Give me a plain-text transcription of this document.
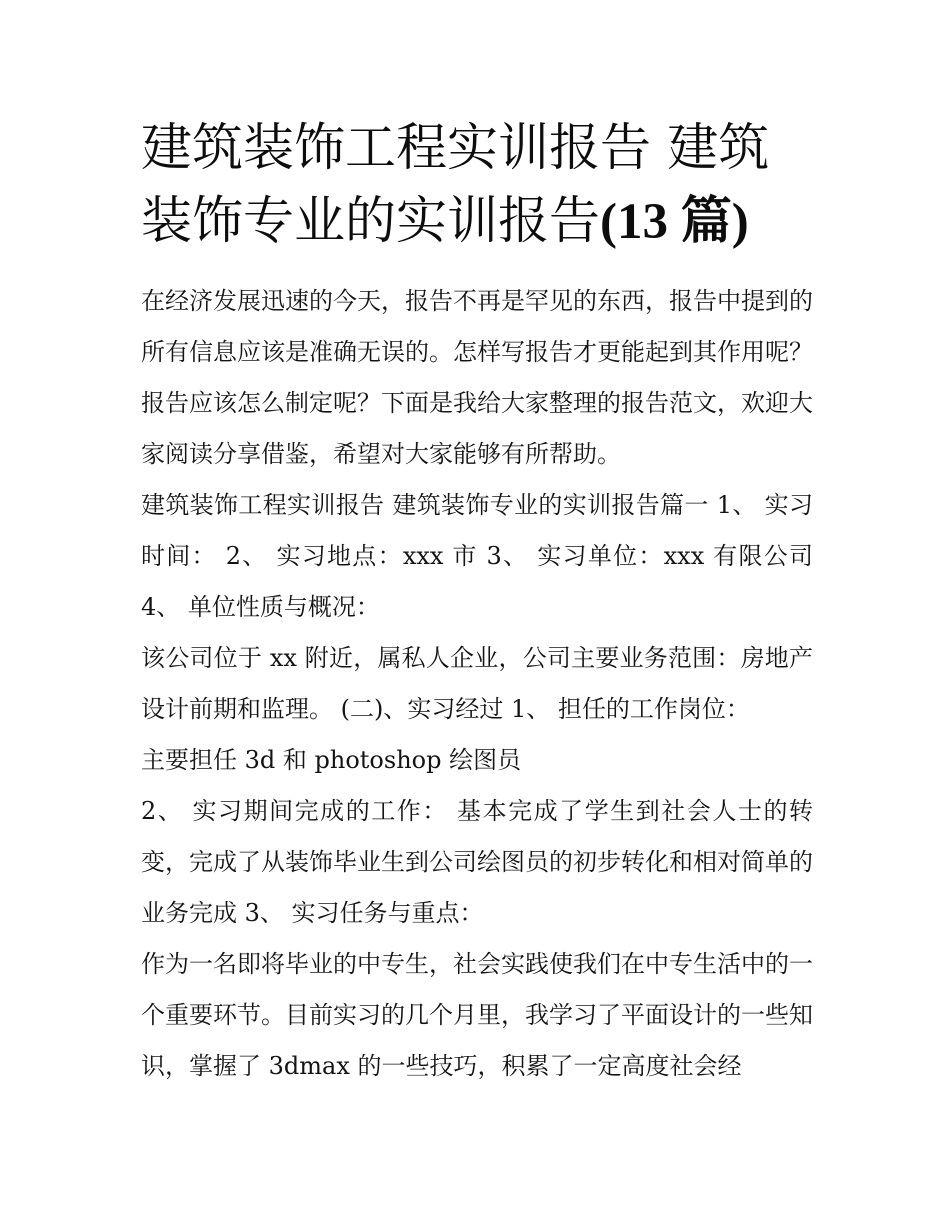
建筑装饰工程实训报告 建筑装饰专业的实训报告(13 篇)

在经济发展迅速的今天，报告不再是罕见的东西，报告中提到的所有信息应该是准确无误的。怎样写报告才更能起到其作用呢？报告应该怎么制定呢？下面是我给大家整理的报告范文，欢迎大家阅读分享借鉴，希望对大家能够有所帮助。

建筑装饰工程实训报告 建筑装饰专业的实训报告篇一 1、 实习时间： 2、 实习地点：xxx 市 3、 实习单位：xxx 有限公司 4、 单位性质与概况：

该公司位于 xx 附近，属私人企业，公司主要业务范围：房地产设计前期和监理。 (二)、实习经过 1、 担任的工作岗位：

主要担任 3d 和 photoshop 绘图员

2、 实习期间完成的工作： 基本完成了学生到社会人士的转变，完成了从装饰毕业生到公司绘图员的初步转化和相对简单的业务完成 3、 实习任务与重点：

作为一名即将毕业的中专生，社会实践使我们在中专生活中的一个重要环节。目前实习的几个月里，我学习了平面设计的一些知识，掌握了 3dmax 的一些技巧，积累了一定高度社会经
